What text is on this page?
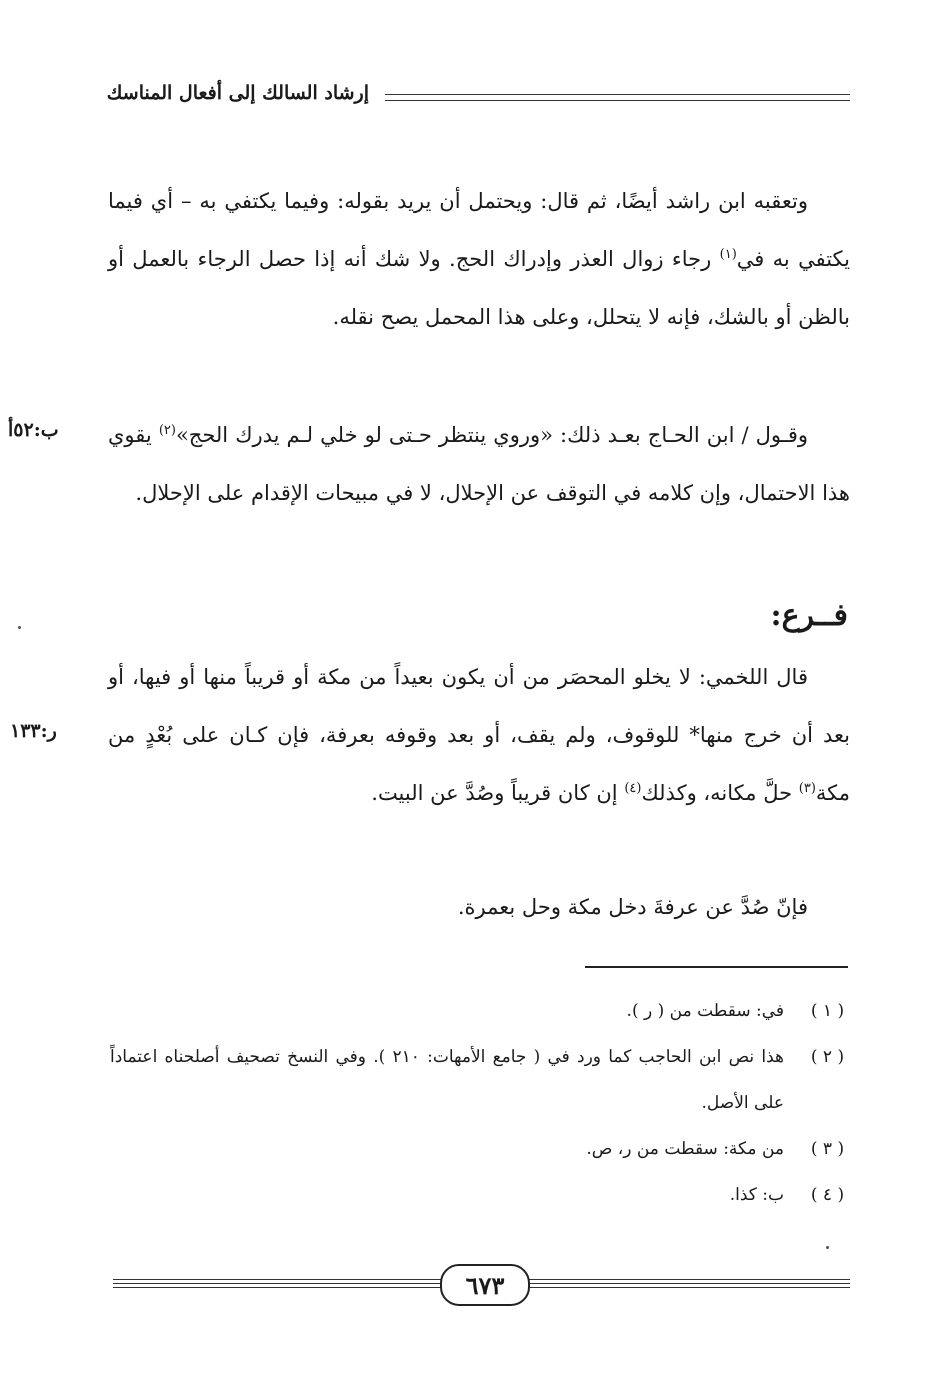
إرشاد السالك إلى أفعال المناسك

وتعقبه ابن راشد أيضًا، ثم قال: ويحتمل أن يريد بقوله: وفيما يكتفي به – أي فيما يكتفي به في$^{(١)}$ رجاء زوال العذر وإدراك الحج. ولا شك أنه إذا حصل الرجاء بالعمل أو بالظن أو بالشك، فإنه لا يتحلل، وعلى هذا المحمل يصح نقله.

وقـول / ابن الحـاج بعـد ذلك: «وروي ينتظر حـتى لو خلي لـم يدرك الحج»$^{(٢)}$ يقوي هذا الاحتمال، وإن كلامه في التوقف عن الإحلال، لا في مبيحات الإقدام على الإحلال.

ب:٥٢أ
فــرع:

قال اللخمي: لا يخلو المحصَر من أن يكون بعيداً من مكة أو قريباً منها أو فيها، أو بعد أن خرج منها* للوقوف، ولم يقف، أو بعد وقوفه بعرفة، فإن كـان على بُعْدٍ من مكة$^{(٣)}$ حلَّ مكانه، وكذلك$^{(٤)}$ إن كان قريباً وصُدَّ عن البيت.

ر:١٣٣

فإنّ صُدَّ عن عرفةَ دخل مكة وحل بعمرة.

( ١ )
في: سقطت من ( ر ).
( ٢ )
هذا نص ابن الحاجب كما ورد في ( جامع الأمهات: ٢١٠ ). وفي النسخ تصحيف أصلحناه اعتماداً على الأصل.
( ٣ )
من مكة: سقطت من ر، ص.
( ٤ )
ب: كذا.
٦٧٣
